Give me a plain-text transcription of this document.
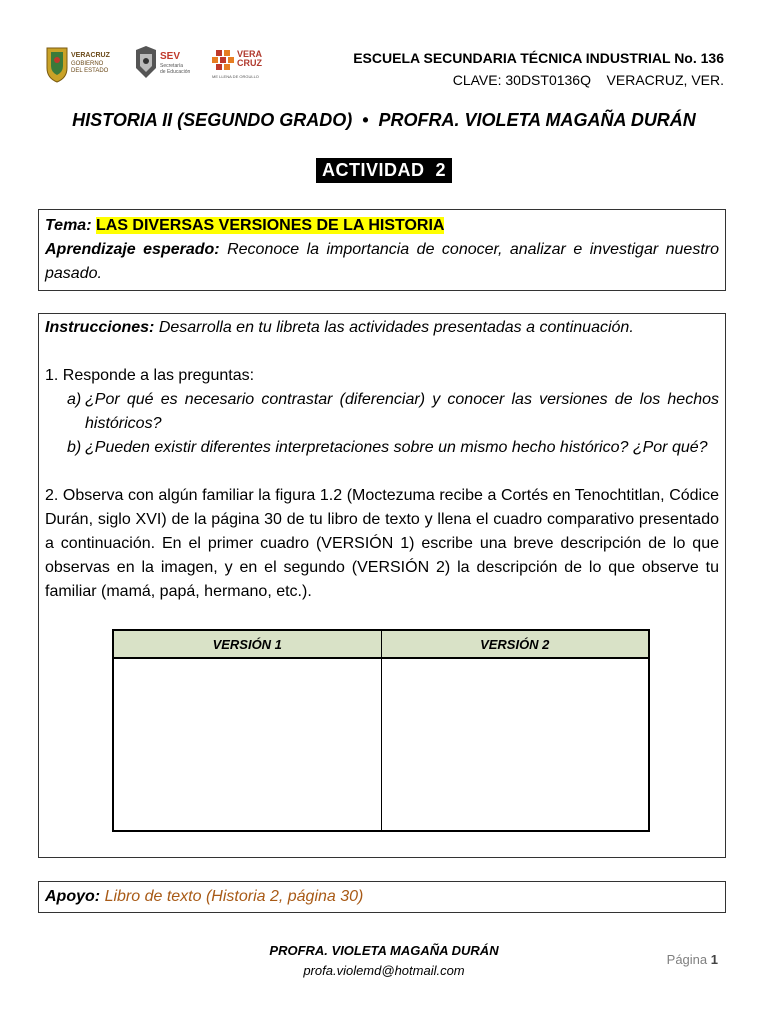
VERACRUZ
GOBIERNO
DEL ESTADO
SEV
Secretaría
de Educación
VERA
CRUZ
ME LLENA DE ORGULLO
ESCUELA SECUNDARIA TÉCNICA INDUSTRIAL No. 136
CLAVE: 30DST0136Q    VERACRUZ, VER.
HISTORIA II (SEGUNDO GRADO)  •  PROFRA. VIOLETA MAGAÑA DURÁN
ACTIVIDAD  2
Tema: LAS DIVERSAS VERSIONES DE LA HISTORIA
Aprendizaje esperado: Reconoce la importancia de conocer, analizar e investigar nuestro pasado.
Instrucciones: Desarrolla en tu libreta las actividades presentadas a continuación.
1. Responde a las preguntas:
a) ¿Por qué es necesario contrastar (diferenciar) y conocer las versiones de los hechos históricos?
b) ¿Pueden existir diferentes interpretaciones sobre un mismo hecho histórico? ¿Por qué?
2. Observa con algún familiar la figura 1.2 (Moctezuma recibe a Cortés en Tenochtitlan, Códice Durán, siglo XVI) de la página 30 de tu libro de texto y llena el cuadro comparativo presentado a continuación. En el primer cuadro (VERSIÓN 1) escribe una breve descripción de lo que observas en la imagen, y en el segundo (VERSIÓN 2) la descripción de lo que observe tu familiar (mamá, papá, hermano, etc.).
VERSIÓN 1	VERSIÓN 2

Apoyo: Libro de texto (Historia 2, página 30)
PROFRA. VIOLETA MAGAÑA DURÁN
profa.violemd@hotmail.com
Página 1
